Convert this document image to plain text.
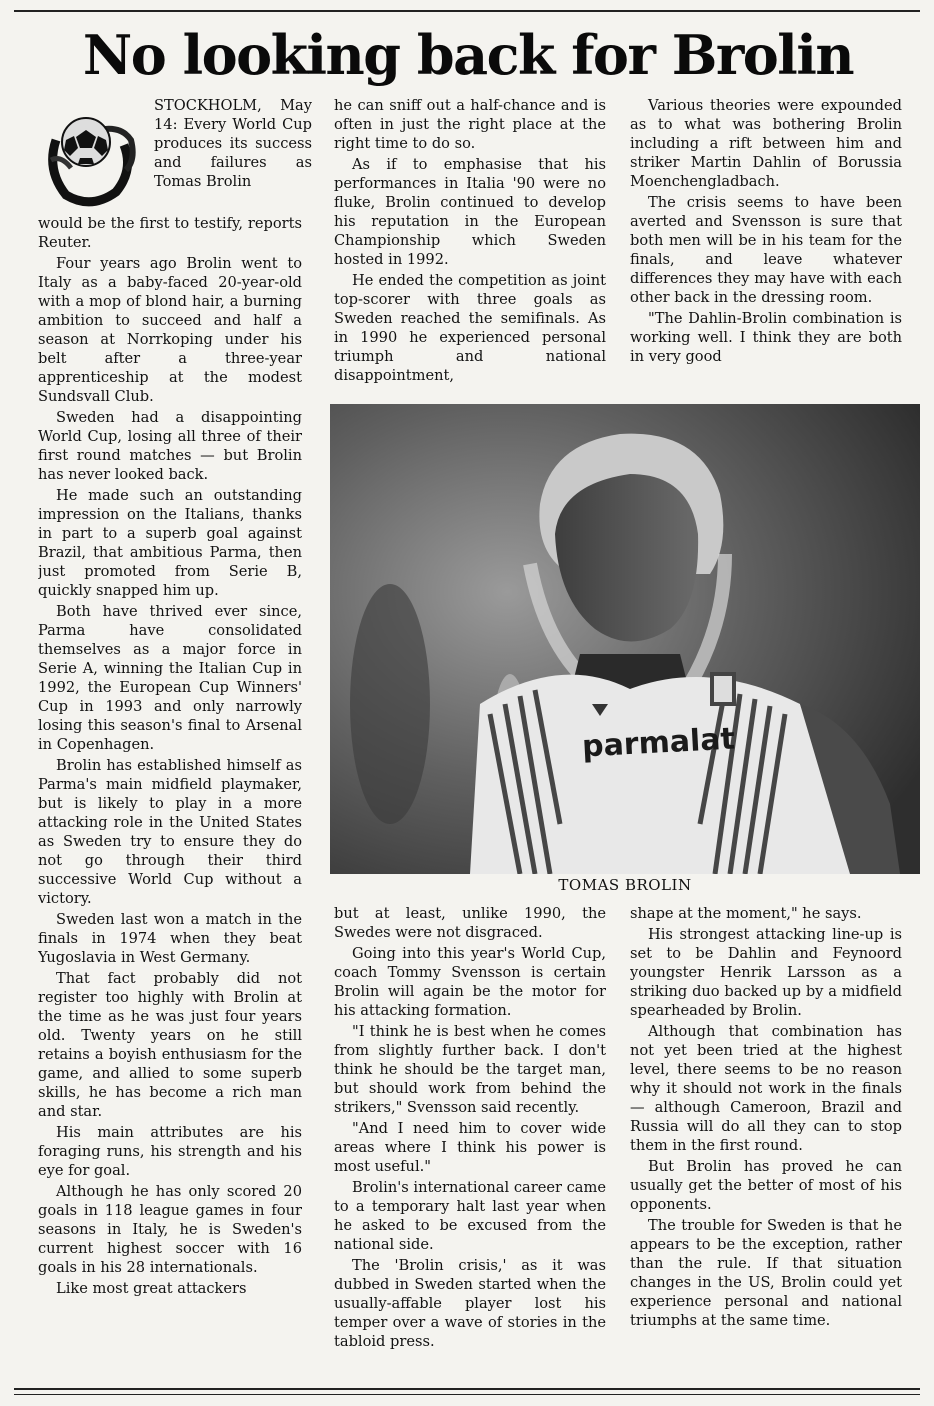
No looking back for Brolin

STOCKHOLM, May 14: Every World Cup produces its success and failures as Tomas Brolin

would be the first to testify, reports Reuter.

Four years ago Brolin went to Italy as a baby-faced 20-year-old with a mop of blond hair, a burning ambition to succeed and half a season at Norrkoping under his belt after a three-year apprenticeship at the modest Sundsvall Club.

Sweden had a disappointing World Cup, losing all three of their first round matches — but Brolin has never looked back.

He made such an outstanding impression on the Italians, thanks in part to a superb goal against Brazil, that ambitious Parma, then just promoted from Serie B, quickly snapped him up.

Both have thrived ever since, Parma have consolidated themselves as a major force in Serie A, winning the Italian Cup in 1992, the European Cup Winners' Cup in 1993 and only narrowly losing this season's final to Arsenal in Copenhagen.

Brolin has established himself as Parma's main midfield playmaker, but is likely to play in a more attacking role in the United States as Sweden try to ensure they do not go through their third successive World Cup without a victory.

Sweden last won a match in the finals in 1974 when they beat Yugoslavia in West Germany.

That fact probably did not register too highly with Brolin at the time as he was just four years old. Twenty years on he still retains a boyish enthusiasm for the game, and allied to some superb skills, he has become a rich man and star.

His main attributes are his foraging runs, his strength and his eye for goal.

Although he has only scored 20 goals in 118 league games in four seasons in Italy, he is Sweden's current highest soccer with 16 goals in his 28 internationals.

Like most great attackers

he can sniff out a half-chance and is often in just the right place at the right time to do so.

As if to emphasise that his performances in Italia '90 were no fluke, Brolin continued to develop his reputation in the European Championship which Sweden hosted in 1992.

He ended the competition as joint top-scorer with three goals as Sweden reached the semifinals. As in 1990 he experienced personal triumph and national disappointment,

Various theories were expounded as to what was bothering Brolin including a rift between him and striker Martin Dahlin of Borussia Moenchengladbach.

The crisis seems to have been averted and Svensson is sure that both men will be in his team for the finals, and leave whatever differences they may have with each other back in the dressing room.

"The Dahlin-Brolin combination is working well. I think they are both in very good

parmalat
TOMAS BROLIN

but at least, unlike 1990, the Swedes were not disgraced.

Going into this year's World Cup, coach Tommy Svensson is certain Brolin will again be the motor for his attacking formation.

"I think he is best when he comes from slightly further back. I don't think he should be the target man, but should work from behind the strikers," Svensson said recently.

"And I need him to cover wide areas where I think his power is most useful."

Brolin's international career came to a temporary halt last year when he asked to be excused from the national side.

The 'Brolin crisis,' as it was dubbed in Sweden started when the usually-affable player lost his temper over a wave of stories in the tabloid press.

shape at the moment," he says.

His strongest attacking line-up is set to be Dahlin and Feynoord youngster Henrik Larsson as a striking duo backed up by a midfield spearheaded by Brolin.

Although that combination has not yet been tried at the highest level, there seems to be no reason why it should not work in the finals — although Cameroon, Brazil and Russia will do all they can to stop them in the first round.

But Brolin has proved he can usually get the better of most of his opponents.

The trouble for Sweden is that he appears to be the exception, rather than the rule. If that situation changes in the US, Brolin could yet experience personal and national triumphs at the same time.
